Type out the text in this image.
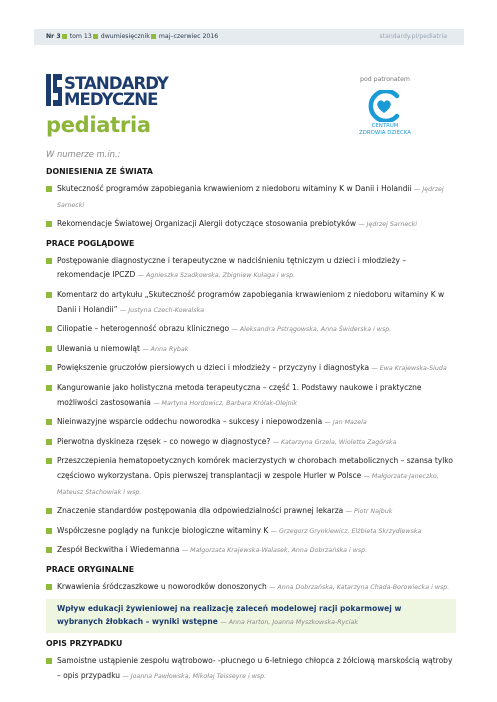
Nr 3 tom 13 dwumiesięcznik maj–czerwiec 2016	standardy.pl/pediatria
STANDARDY
MEDYCZNE
pediatria
pod patronatem
CENTRUM
ZDROWIA DZIECKA
W numerze m.in.:
DONIESIENIA ZE ŚWIATA
Skuteczność programów zapobiegania krwawieniom z niedoboru witaminy K w Danii i Holandii — Jędrzej Sarnecki
Rekomendacje Światowej Organizacji Alergii dotyczące stosowania prebiotyków — Jędrzej Sarnecki
PRACE POGLĄDOWE
Postępowanie diagnostyczne i terapeutyczne w nadciśnieniu tętniczym u dzieci i młodzieży – rekomendacje IPCZD — Agnieszka Szadkowska, Zbigniew Kułaga i wsp.
Komentarz do artykułu „Skuteczność programów zapobiegania krwawieniom z niedoboru witaminy K w Danii i Holandii” — Justyna Czech-Kowalska
Ciliopatie – heterogenność obrazu klinicznego — Aleksandra Pstrągowska, Anna Świderska i wsp.
Ulewania u niemowląt — Anna Rybak
Powiększenie gruczołów piersiowych u dzieci i młodzieży – przyczyny i diagnostyka — Ewa Krajewska-Siuda
Kangurowanie jako holistyczna metoda terapeutyczna – część 1. Podstawy naukowe i praktyczne możliwości zastosowania — Martyna Hordowicz, Barbara Królak-Olejnik
Nieinwazyjne wsparcie oddechu noworodka – sukcesy i niepowodzenia — Jan Mazela
Pierwotna dyskineza rzęsek – co nowego w diagnostyce? — Katarzyna Grzela, Wioletta Zagórska
Przeszczepienia hematopoetycznych komórek macierzystych w chorobach metabolicznych – szansa tylko częściowo wykorzystana. Opis pierwszej transplantacji w zespole Hurler w Polsce — Małgorzata Janeczko, Mateusz Stachowiak i wsp.
Znaczenie standardów postępowania dla odpowiedzialności prawnej lekarza — Piotr Najbuk
Współczesne poglądy na funkcje biologiczne witaminy K — Grzegorz Grynkiewicz, Elżbieta Skrzydlewska
Zespół Beckwitha i Wiedemanna — Małgorzata Krajewska-Walasek, Anna Dobrzańska i wsp.
PRACE ORYGINALNE
Krwawienia śródczaszkowe u noworodków donoszonych — Anna Dobrzańska, Katarzyna Chada-Borowiecka i wsp.
Wpływ edukacji żywieniowej na realizację zaleceń modelowej racji pokarmowej w wybranych żłobkach – wyniki wstępne — Anna Harton, Joanna Myszkowska-Ryciak
OPIS PRZYPADKU
Samoistne ustąpienie zespołu wątrobowo- -płucnego u 6-letniego chłopca z żółciową marskością wątroby – opis przypadku — Joanna Pawłowska, Mikołaj Teisseyre i wsp.
